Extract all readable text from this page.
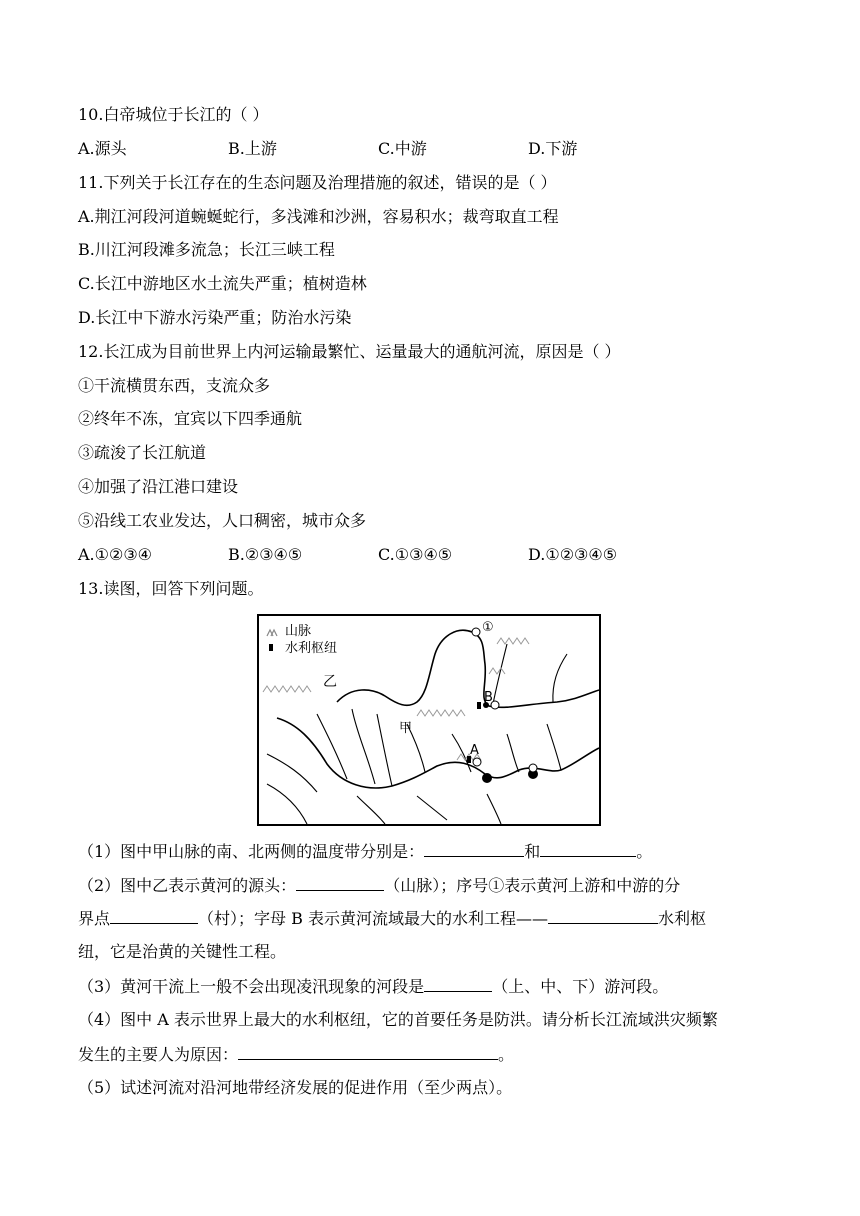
10.白帝城位于长江的（ ）
A.源头	B.上游	C.中游	D.下游
11.下列关于长江存在的生态问题及治理措施的叙述，错误的是（ ）
A.荆江河段河道蜿蜒蛇行，多浅滩和沙洲，容易积水；裁弯取直工程
B.川江河段滩多流急；长江三峡工程
C.长江中游地区水土流失严重；植树造林
D.长江中下游水污染严重；防治水污染
12.长江成为目前世界上内河运输最繁忙、运量最大的通航河流，原因是（ ）
①干流横贯东西，支流众多
②终年不冻，宜宾以下四季通航
③疏浚了长江航道
④加强了沿江港口建设
⑤沿线工农业发达，人口稠密，城市众多
A.①②③④	B.②③④⑤	C.①③④⑤	D.①②③④⑤
13.读图，回答下列问题。
山脉
水利枢纽
①
乙
甲
B
A
（1）图中甲山脉的南、北两侧的温度带分别是：	和	。
（2）图中乙表示黄河的源头：	（山脉）；序号①表示黄河上游和中游的分
界点	（村）；字母 B 表示黄河流域最大的水利工程——	水利枢
纽，它是治黄的关键性工程。
（3）黄河干流上一般不会出现凌汛现象的河段是	（上、中、下）游河段。
（4）图中 A 表示世界上最大的水利枢纽，它的首要任务是防洪。请分析长江流域洪灾频繁
发生的主要人为原因：	。
（5）试述河流对沿河地带经济发展的促进作用（至少两点）。
